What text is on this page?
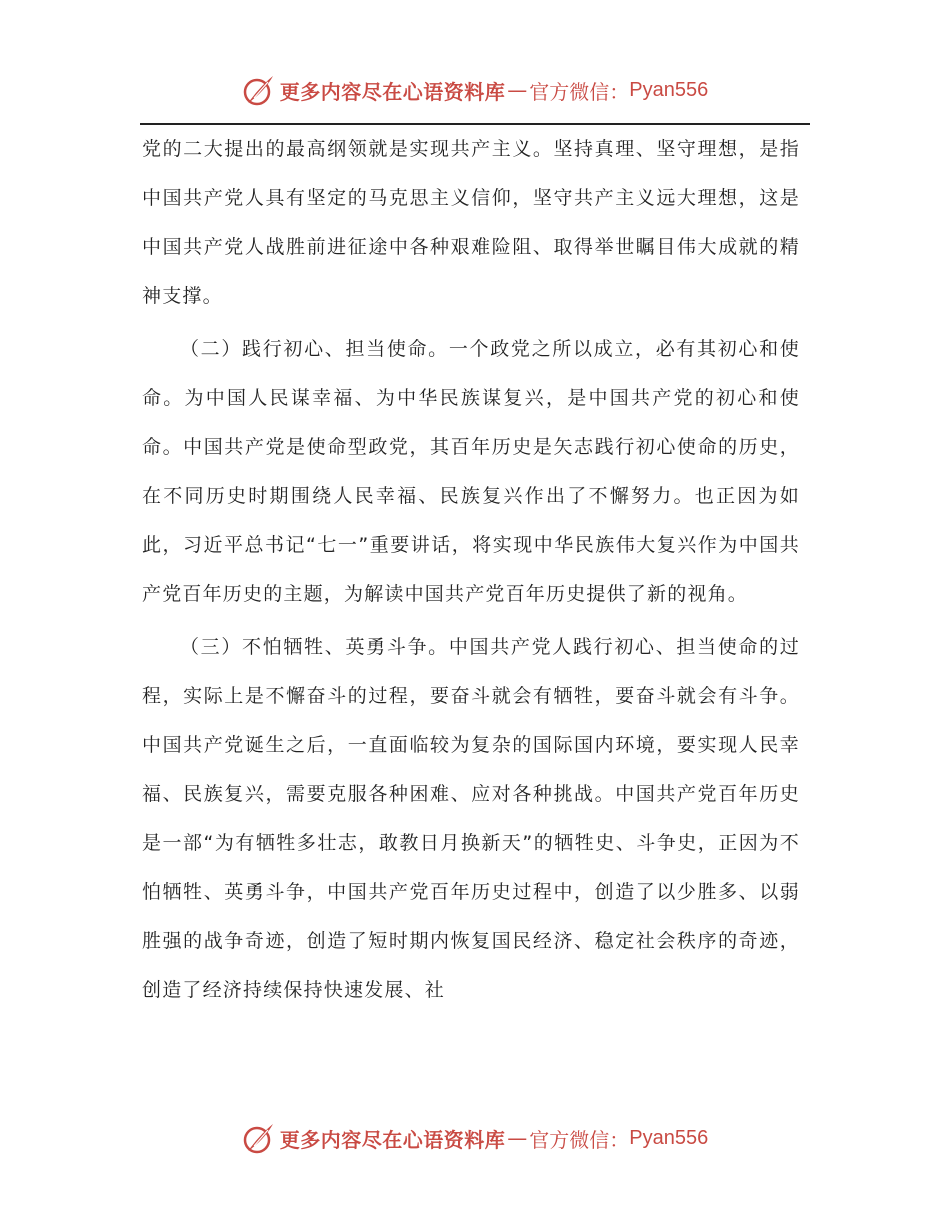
更多内容尽在心语资料库 — 官方微信： Pyan556

党的二大提出的最高纲领就是实现共产主义。坚持真理、坚守理想，是指中国共产党人具有坚定的马克思主义信仰，坚守共产主义远大理想，这是中国共产党人战胜前进征途中各种艰难险阻、取得举世瞩目伟大成就的精神支撑。

（二）践行初心、担当使命。一个政党之所以成立，必有其初心和使命。为中国人民谋幸福、为中华民族谋复兴，是中国共产党的初心和使命。中国共产党是使命型政党，其百年历史是矢志践行初心使命的历史，在不同历史时期围绕人民幸福、民族复兴作出了不懈努力。也正因为如此，习近平总书记“七一”重要讲话，将实现中华民族伟大复兴作为中国共产党百年历史的主题，为解读中国共产党百年历史提供了新的视角。

（三）不怕牺牲、英勇斗争。中国共产党人践行初心、担当使命的过程，实际上是不懈奋斗的过程，要奋斗就会有牺牲，要奋斗就会有斗争。中国共产党诞生之后，一直面临较为复杂的国际国内环境，要实现人民幸福、民族复兴，需要克服各种困难、应对各种挑战。中国共产党百年历史是一部“为有牺牲多壮志，敢教日月换新天”的牺牲史、斗争史，正因为不怕牺牲、英勇斗争，中国共产党百年历史过程中，创造了以少胜多、以弱胜强的战争奇迹，创造了短时期内恢复国民经济、稳定社会秩序的奇迹，创造了经济持续保持快速发展、社

更多内容尽在心语资料库 — 官方微信： Pyan556
